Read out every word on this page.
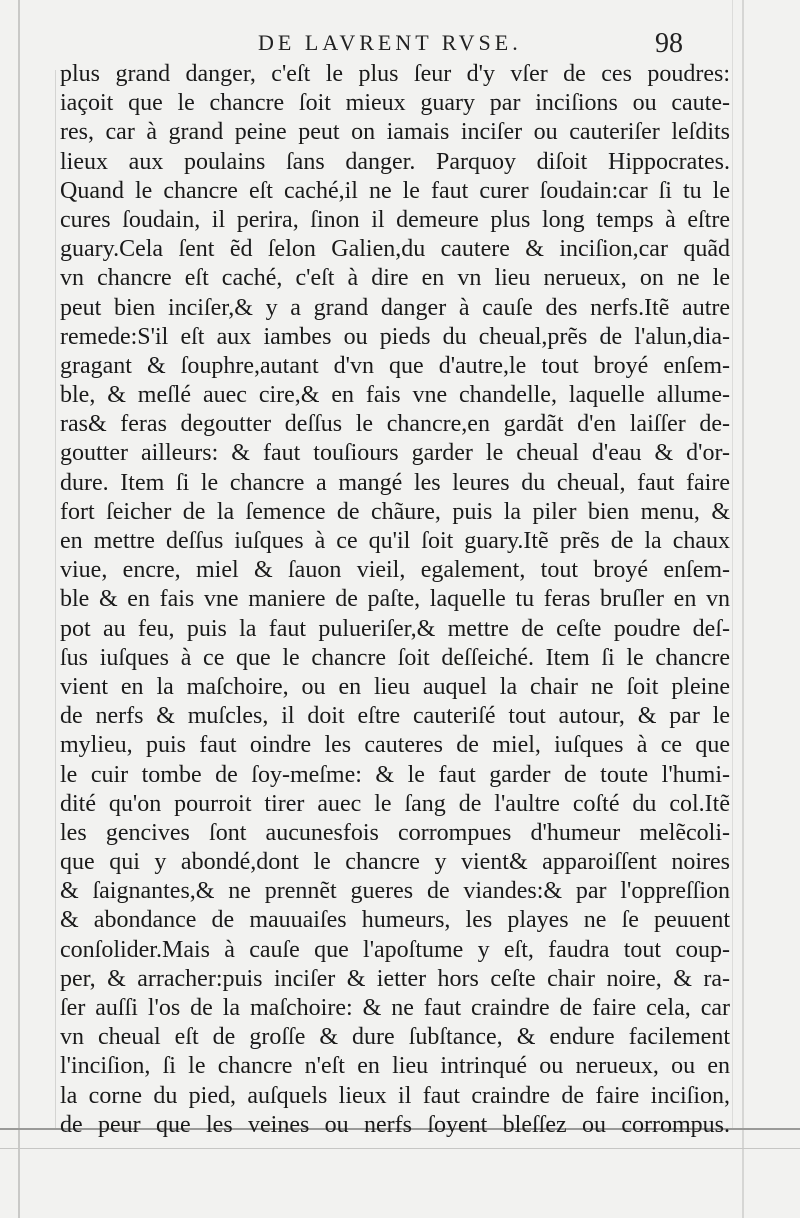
DE LAVRENT RVSE.	98
plus grand danger, c'eſt le plus ſeur d'y vſer de ces poudres:
iaçoit que le chancre ſoit mieux guary par inciſions ou caute-
res, car à grand peine peut on iamais inciſer ou cauteriſer leſdits
lieux aux poulains ſans danger. Parquoy diſoit Hippocrates.
Quand le chancre eſt caché,il ne le faut curer ſoudain:car ſi tu le
cures ſoudain, il perira, ſinon il demeure plus long temps à eſtre
guary.Cela ſent ẽd ſelon Galien,du cautere & inciſion,car quãd
vn chancre eſt caché, c'eſt à dire en vn lieu nerueux, on ne le
peut bien inciſer,& y a grand danger à cauſe des nerfs.Itẽ autre
remede:S'il eſt aux iambes ou pieds du cheual,prẽs de l'alun,dia-
gragant & ſouphre,autant d'vn que d'autre,le tout broyé enſem-
ble, & meſlé auec cire,& en fais vne chandelle, laquelle allume-
ras& feras degoutter deſſus le chancre,en gardãt d'en laiſſer de-
goutter ailleurs: & faut touſiours garder le cheual d'eau & d'or-
dure. Item ſi le chancre a mangé les leures du cheual, faut faire
fort ſeicher de la ſemence de chãure, puis la piler bien menu, &
en mettre deſſus iuſques à ce qu'il ſoit guary.Itẽ prẽs de la chaux
viue, encre, miel & ſauon vieil, egalement, tout broyé enſem-
ble & en fais vne maniere de paſte, laquelle tu feras bruſler en vn
pot au feu, puis la faut pulueriſer,& mettre de ceſte poudre deſ-
ſus iuſques à ce que le chancre ſoit deſſeiché. Item ſi le chancre
vient en la maſchoire, ou en lieu auquel la chair ne ſoit pleine
de nerfs & muſcles, il doit eſtre cauteriſé tout autour, & par le
mylieu, puis faut oindre les cauteres de miel, iuſques à ce que
le cuir tombe de ſoy-meſme: & le faut garder de toute l'humi-
dité qu'on pourroit tirer auec le ſang de l'aultre coſté du col.Itẽ
les gencives ſont aucunesfois corrompues d'humeur melẽcoli-
que qui y abondé,dont le chancre y vient& apparoiſſent noires
& ſaignantes,& ne prennẽt gueres de viandes:& par l'oppreſſion
& abondance de mauuaiſes humeurs, les playes ne ſe peuuent
conſolider.Mais à cauſe que l'apoſtume y eſt, faudra tout coup-
per, & arracher:puis inciſer & ietter hors ceſte chair noire, & ra-
ſer auſſi l'os de la maſchoire: & ne faut craindre de faire cela, car
vn cheual eſt de groſſe & dure ſubſtance, & endure facilement
l'inciſion, ſi le chancre n'eſt en lieu intrinqué ou nerueux, ou en
la corne du pied, auſquels lieux il faut craindre de faire inciſion,
de peur que les veines ou nerfs ſoyent bleſſez ou corrompus.
